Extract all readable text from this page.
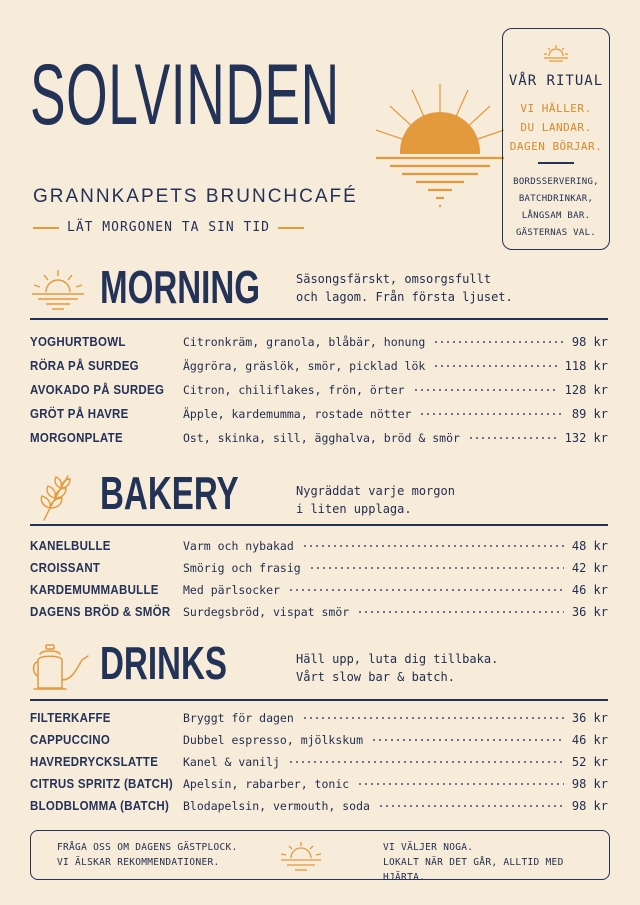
SOLVINDEN
GRANNKAPETS BRUNCHCAFÉ
LÄT MORGONEN TA SIN TID
VÅR RITUAL
VI HÄLLER.
DU LANDAR.
DAGEN BÖRJAR.
BORDSSERVERING,
BATCHDRINKAR,
LÅNGSAM BAR.
GÄSTERNAS VAL.
MORNING	Säsongsfärskt, omsorgsfullt
och lagom. Från första ljuset.
YOGHURTBOWL	Citronkräm, granola, blåbär, honung	98 kr
RÖRA PÅ SURDEG	Äggröra, gräslök, smör, picklad lök	118 kr
AVOKADO PÅ SURDEG Citron, chiliflakes, frön, örter	128 kr
GRÖT PÅ HAVRE	Äpple, kardemumma, rostade nötter	89 kr
MORGONPLATE	Ost, skinka, sill, ägghalva, bröd & smör	132 kr
BAKERY	Nygräddat varje morgon
i liten upplaga.
KANELBULLE	Varm och nybakad	48 kr
CROISSANT	Smörig och frasig	42 kr
KARDEMUMMABULLE Med pärlsocker	46 kr
DAGENS BRÖD & SMÖR Surdegsbröd, vispat smör	36 kr
DRINKS	Häll upp, luta dig tillbaka.
Vårt slow bar & batch.
FILTERKAFFE	Bryggt för dagen	36 kr
CAPPUCCINO	Dubbel espresso, mjölkskum	46 kr
HAVREDRYCKSLATTE Kanel & vanilj	52 kr
CITRUS SPRITZ (BATCH) Apelsin, rabarber, tonic	98 kr
BLODBLOMMA (BATCH) Blodapelsin, vermouth, soda	98 kr
FRÅGA OSS OM DAGENS GÄSTPLOCK.
VI ÄLSKAR REKOMMENDATIONER.
VI VÄLJER NOGA.
LOKALT NÄR DET GÅR, ALLTID MED HJÄRTA.
